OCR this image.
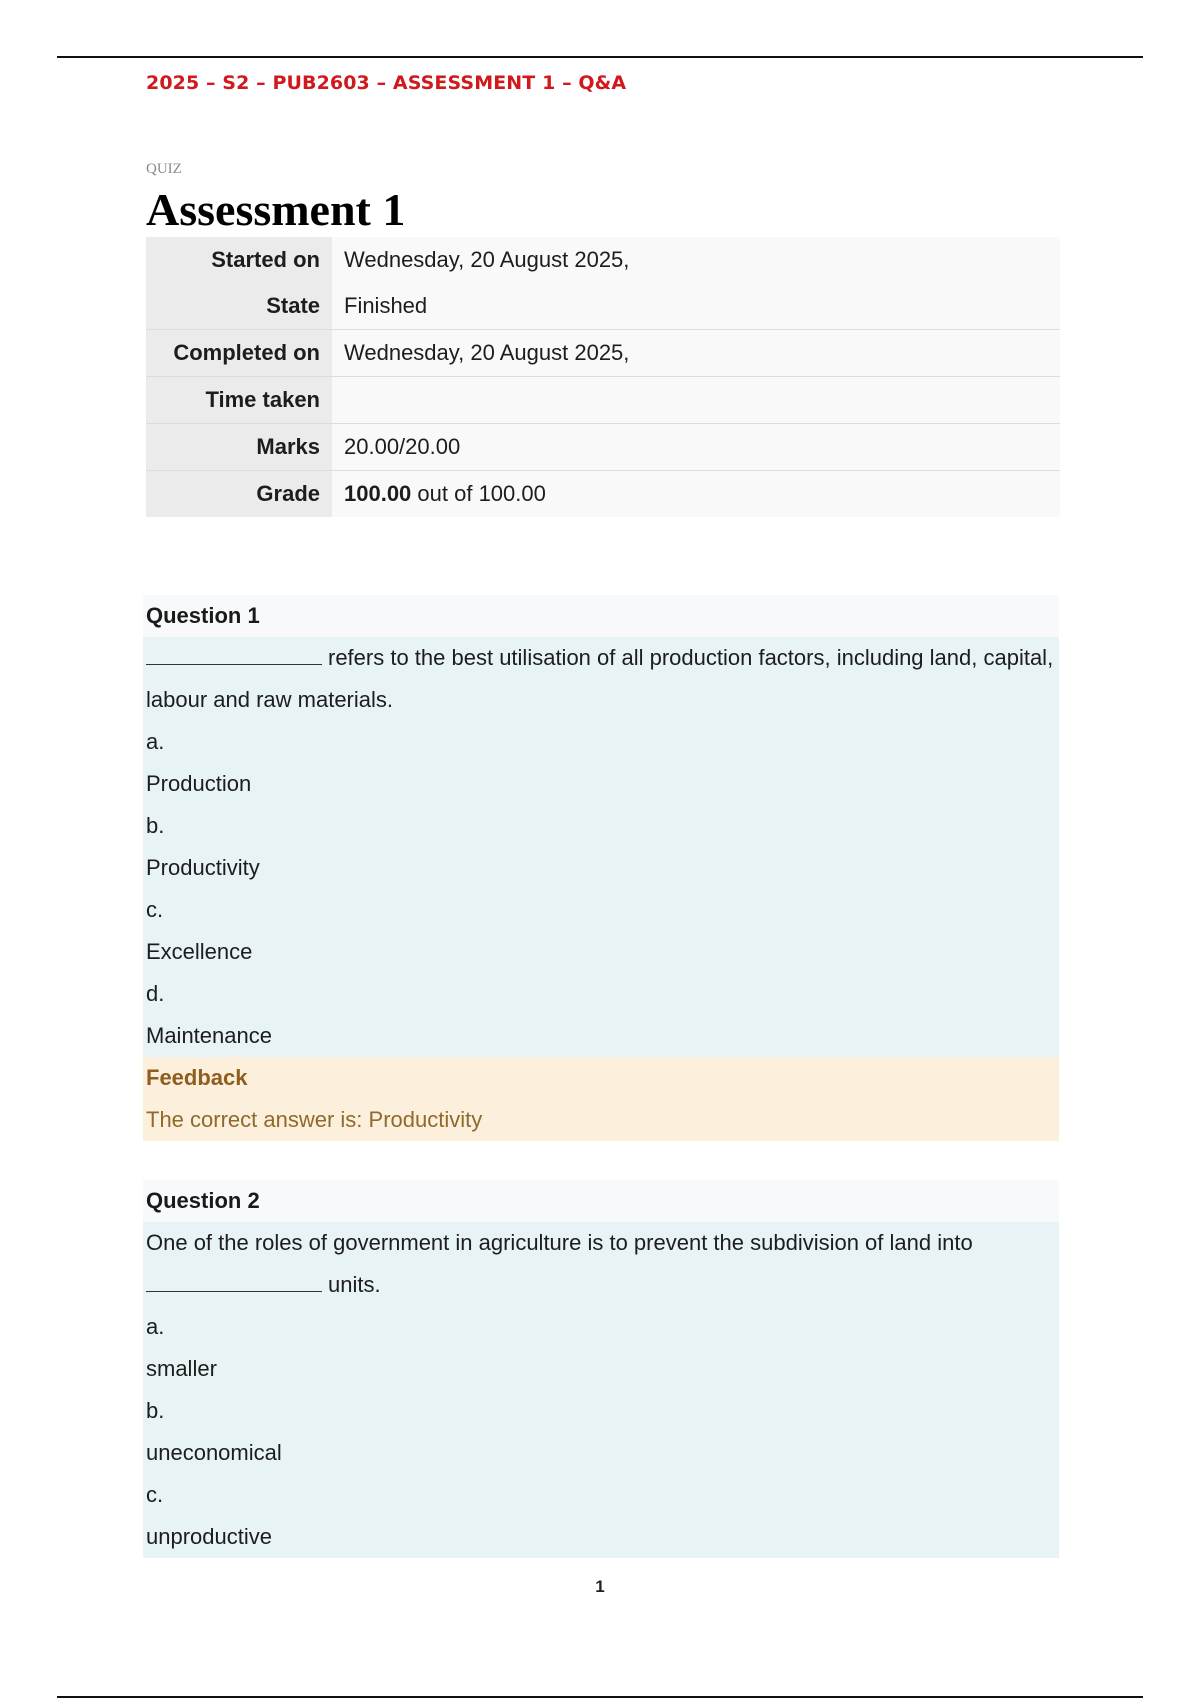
2025 – S2 – PUB2603 – ASSESSMENT 1 – Q&A
QUIZ
Assessment 1
Started on	Wednesday, 20 August 2025,
State	Finished
Completed on	Wednesday, 20 August 2025,
Time taken	
Marks	20.00/20.00
Grade	100.00 out of 100.00
Question 1
refers to the best utilisation of all production factors, including land, capital, labour and raw materials.
a.
Production
b.
Productivity
c.
Excellence
d.
Maintenance
Feedback
The correct answer is: Productivity
Question 2
One of the roles of government in agriculture is to prevent the subdivision of land into units.
a.
smaller
b.
uneconomical
c.
unproductive
1
